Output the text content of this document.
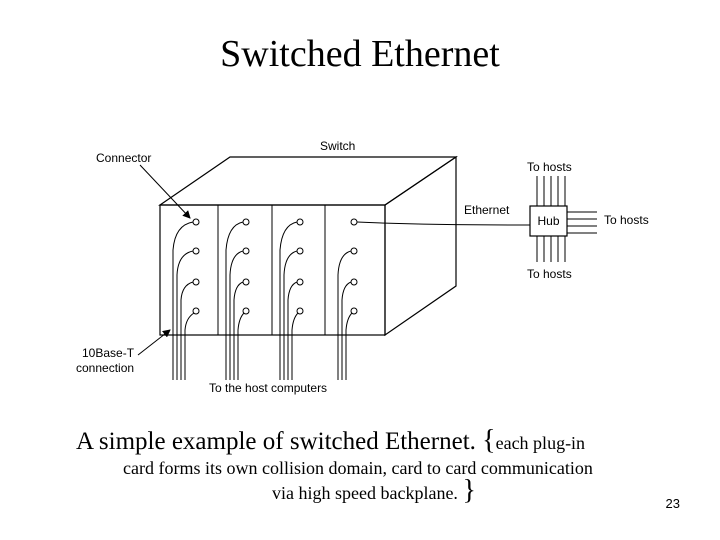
Switched Ethernet
Hub
Switch
Connector
Ethernet
To hosts
To hosts
To hosts
10Base-T
connection
To the host computers
A simple example of switched Ethernet. {each plug-in
card forms its own collision domain, card to card communication
via high speed backplane. }	23
